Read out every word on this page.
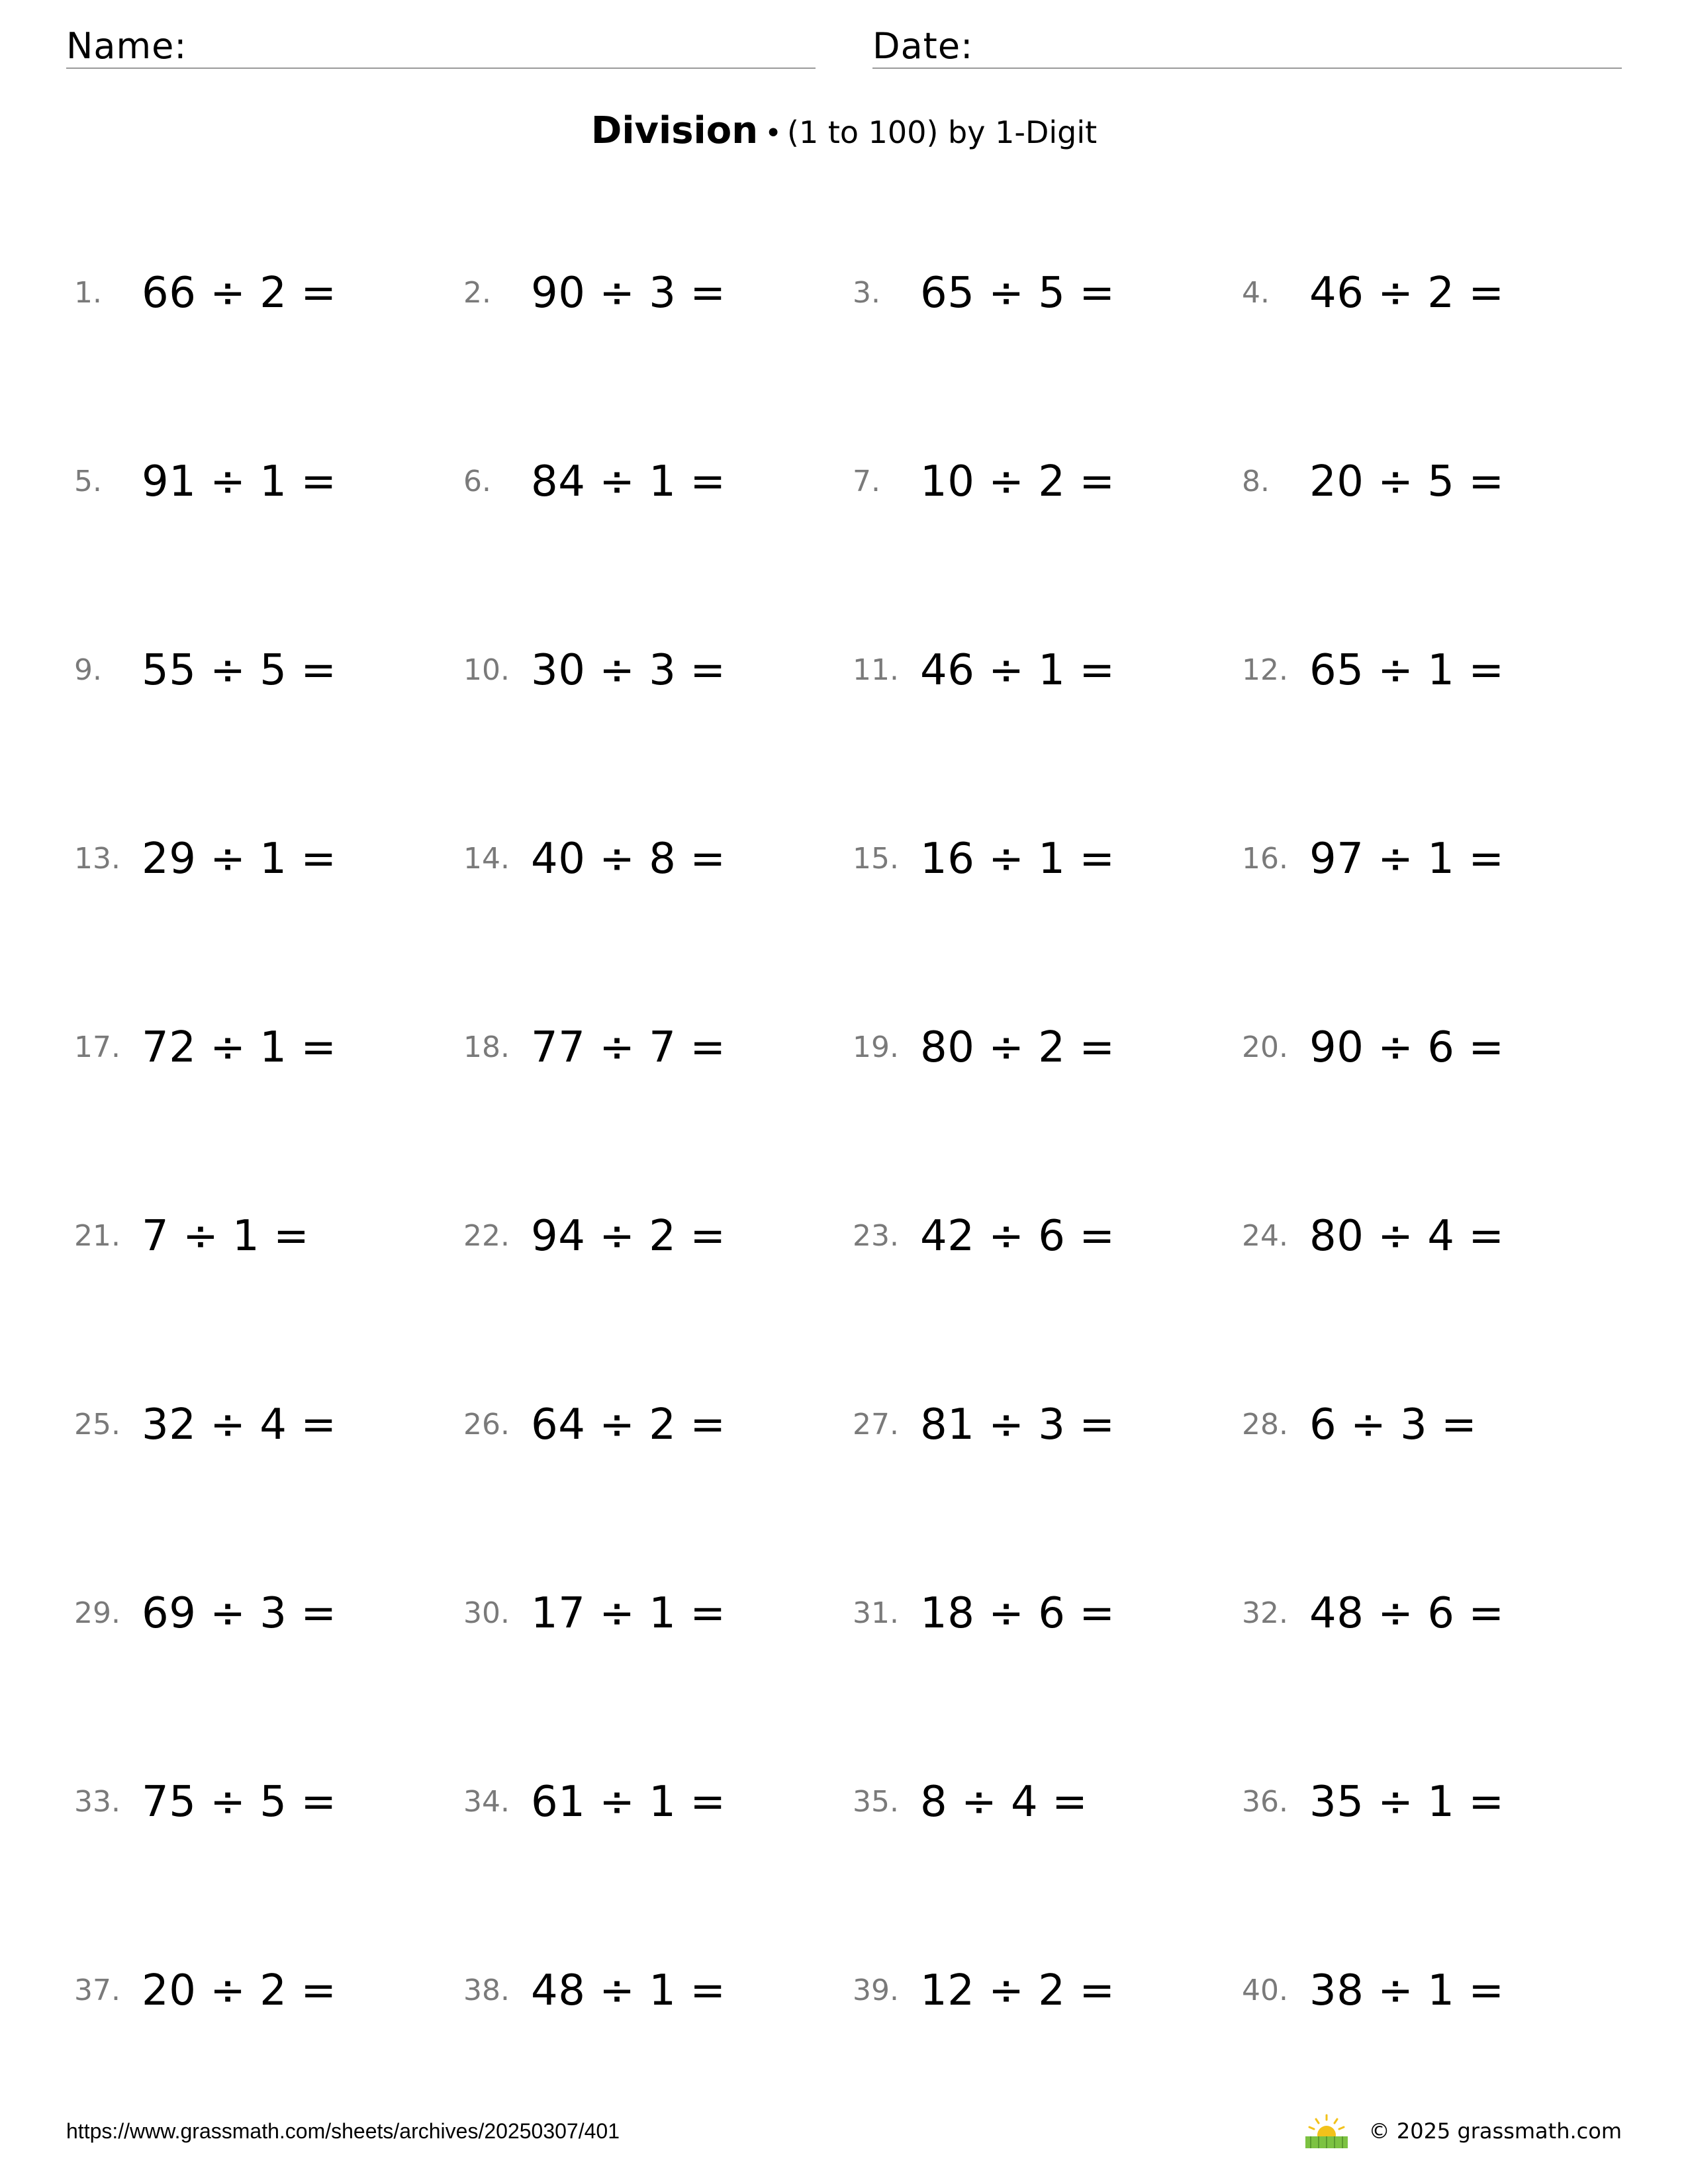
Name:	Date:
Division • (1 to 100) by 1-Digit
1. 66 ÷ 2 =	2. 90 ÷ 3 =	3. 65 ÷ 5 =	4. 46 ÷ 2 =
5. 91 ÷ 1 =	6. 84 ÷ 1 =	7. 10 ÷ 2 =	8. 20 ÷ 5 =
9. 55 ÷ 5 =	10. 30 ÷ 3 =	11. 46 ÷ 1 =	12. 65 ÷ 1 =
13. 29 ÷ 1 =	14. 40 ÷ 8 =	15. 16 ÷ 1 =	16. 97 ÷ 1 =
17. 72 ÷ 1 =	18. 77 ÷ 7 =	19. 80 ÷ 2 =	20. 90 ÷ 6 =
21. 7 ÷ 1 =	22. 94 ÷ 2 =	23. 42 ÷ 6 =	24. 80 ÷ 4 =
25. 32 ÷ 4 =	26. 64 ÷ 2 =	27. 81 ÷ 3 =	28. 6 ÷ 3 =
29. 69 ÷ 3 =	30. 17 ÷ 1 =	31. 18 ÷ 6 =	32. 48 ÷ 6 =
33. 75 ÷ 5 =	34. 61 ÷ 1 =	35. 8 ÷ 4 =	36. 35 ÷ 1 =
37. 20 ÷ 2 =	38. 48 ÷ 1 =	39. 12 ÷ 2 =	40. 38 ÷ 1 =
https://www.grassmath.com/sheets/archives/20250307/401	© 2025 grassmath.com
